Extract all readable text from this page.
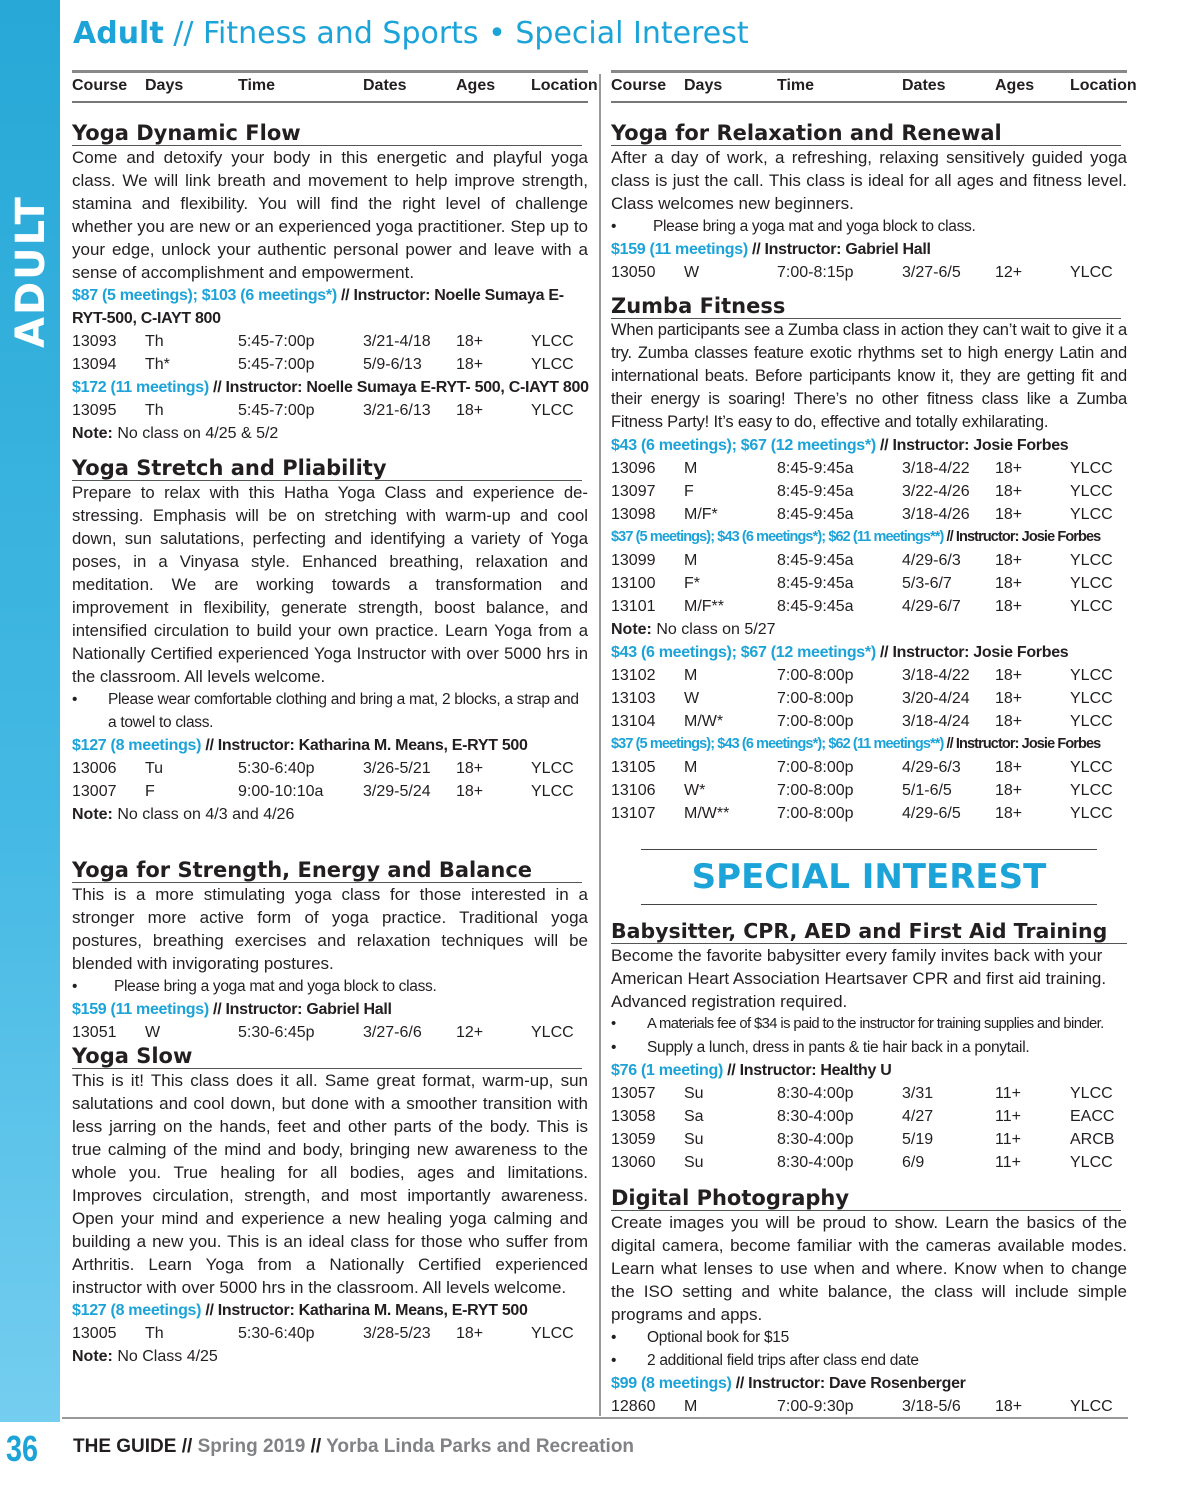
ADULT
36
Adult // Fitness and Sports • Special Interest
Course Days	Time	Dates	Ages Location
Yoga Dynamic Flow

Come and detoxify your body in this energetic and playful yoga class. We will link breath and movement to help improve strength, stamina and flexibility. You will find the right level of challenge whether you are new or an experienced yoga practitioner. Step up to your edge, unlock your authentic personal power and leave with a sense of accomplishment and empowerment.

$87 (5 meetings); $103 (6 meetings*) // Instructor: Noelle Sumaya E-RYT-500, C-IAYT 800
13093 Th	5:45-7:00p	3/21-4/18 18+	YLCC
13094 Th*	5:45-7:00p	5/9-6/13 18+	YLCC
$172 (11 meetings) // Instructor: Noelle Sumaya E-RYT- 500, C-IAYT 800
13095 Th	5:45-7:00p	3/21-6/13 18+	YLCC
Note: No class on 4/25 & 5/2
Yoga Stretch and Pliability

Prepare to relax with this Hatha Yoga Class and experience de-stressing. Emphasis will be on stretching with warm-up and cool down, sun salutations, perfecting and identifying a variety of Yoga poses, in a Vinyasa style. Enhanced breathing, relaxation and meditation. We are working towards a transformation and improvement in flexibility, generate strength, boost balance, and intensified circulation to build your own practice. Learn Yoga from a Nationally Certified experienced Yoga Instructor with over 5000 hrs in the classroom. All levels welcome.

• Please wear comfortable clothing and bring a mat, 2 blocks, a strap and a towel to class.
$127 (8 meetings) // Instructor: Katharina M. Means, E-RYT 500
13006 Tu	5:30-6:40p	3/26-5/21 18+	YLCC
13007 F	9:00-10:10a 3/29-5/24 18+	YLCC
Note: No class on 4/3 and 4/26
Yoga for Strength, Energy and Balance

This is a more stimulating yoga class for those interested in a stronger more active form of yoga practice. Traditional yoga postures, breathing exercises and relaxation techniques will be blended with invigorating postures.

• Please bring a yoga mat and yoga block to class.
$159 (11 meetings) // Instructor: Gabriel Hall
13051 W	5:30-6:45p	3/27-6/6 12+	YLCC
Yoga Slow

This is it! This class does it all. Same great format, warm-up, sun salutations and cool down, but done with a smoother transition with less jarring on the hands, feet and other parts of the body. This is true calming of the mind and body, bringing new awareness to the whole you. True healing for all bodies, ages and limitations. Improves circulation, strength, and most importantly awareness. Open your mind and experience a new healing yoga calming and building a new you. This is an ideal class for those who suffer from Arthritis. Learn Yoga from a Nationally Certified experienced instructor with over 5000 hrs in the classroom. All levels welcome.

$127 (8 meetings) // Instructor: Katharina M. Means, E-RYT 500
13005 Th	5:30-6:40p	3/28-5/23 18+	YLCC
Note: No Class 4/25
Course Days	Time	Dates	Ages Location
Yoga for Relaxation and Renewal

After a day of work, a refreshing, relaxing sensitively guided yoga class is just the call. This class is ideal for all ages and fitness level. Class welcomes new beginners.

• Please bring a yoga mat and yoga block to class.
$159 (11 meetings) // Instructor: Gabriel Hall
13050 W	7:00-8:15p	3/27-6/5 12+	YLCC
Zumba Fitness

When participants see a Zumba class in action they can’t wait to give it a try. Zumba classes feature exotic rhythms set to high energy Latin and international beats. Before participants know it, they are getting fit and their energy is soaring! There’s no other fitness class like a Zumba Fitness Party! It’s easy to do, effective and totally exhilarating.

$43 (6 meetings); $67 (12 meetings*) // Instructor: Josie Forbes
13096 M	8:45-9:45a	3/18-4/22 18+	YLCC
13097 F	8:45-9:45a	3/22-4/26 18+	YLCC
13098 M/F*	8:45-9:45a	3/18-4/26 18+	YLCC
$37 (5 meetings); $43 (6 meetings*); $62 (11 meetings**) // Instructor: Josie Forbes
13099 M	8:45-9:45a	4/29-6/3 18+	YLCC
13100 F*	8:45-9:45a	5/3-6/7	18+	YLCC
13101 M/F**	8:45-9:45a	4/29-6/7 18+	YLCC
Note: No class on 5/27
$43 (6 meetings); $67 (12 meetings*) // Instructor: Josie Forbes
13102 M	7:00-8:00p	3/18-4/22 18+	YLCC
13103 W	7:00-8:00p	3/20-4/24 18+	YLCC
13104 M/W*	7:00-8:00p	3/18-4/24 18+	YLCC
$37 (5 meetings); $43 (6 meetings*); $62 (11 meetings**) // Instructor: Josie Forbes
13105 M	7:00-8:00p	4/29-6/3 18+	YLCC
13106 W*	7:00-8:00p	5/1-6/5	18+	YLCC
13107 M/W**	7:00-8:00p	4/29-6/5 18+	YLCC
SPECIAL INTEREST
Babysitter, CPR, AED and First Aid Training

Become the favorite babysitter every family invites back with your American Heart Association Heartsaver CPR and first aid training. Advanced registration required.

• A materials fee of $34 is paid to the instructor for training supplies and binder.
• Supply a lunch, dress in pants & tie hair back in a ponytail.
$76 (1 meeting) // Instructor: Healthy U
13057 Su	8:30-4:00p	3/31	11+	YLCC
13058 Sa	8:30-4:00p	4/27	11+	EACC
13059 Su	8:30-4:00p	5/19	11+	ARCB
13060 Su	8:30-4:00p	6/9	11+	YLCC
Digital Photography

Create images you will be proud to show. Learn the basics of the digital camera, become familiar with the cameras available modes. Learn what lenses to use when and where. Know when to change the ISO setting and white balance, the class will include simple programs and apps.

• Optional book for $15
• 2 additional field trips after class end date
$99 (8 meetings) // Instructor: Dave Rosenberger
12860 M	7:00-9:30p	3/18-5/6 18+	YLCC
THE GUIDE // Spring 2019 // Yorba Linda Parks and Recreation
